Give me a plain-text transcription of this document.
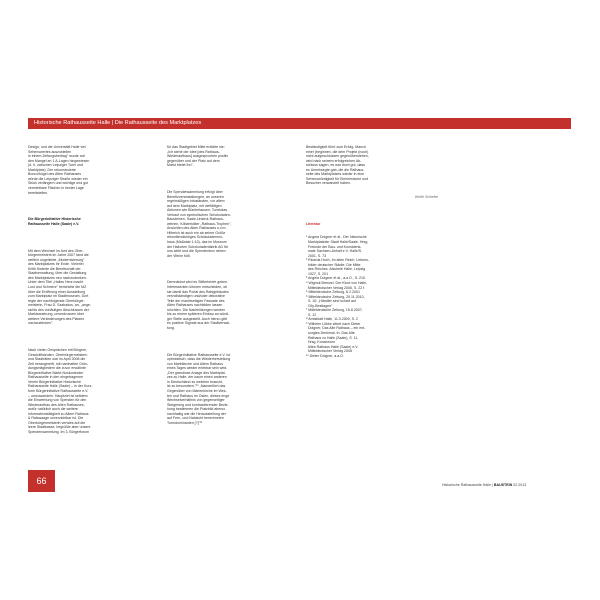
Historische Rathausseite Halle | Die Rathausseite des Marktplatzes

Design, und die Universität Halle viel

Sehenswertes auszustellen

in einem Zeitungsbeitrag" wurde auf

den Mangel an 1 A-Lagen hingewiesen

(d. h. zwischen Leipziger Turm und

Marktplatz). Der rekonstruierte

Boncolhügel des Alten Rathauses

würde die Leipziger Straße wieder ein

Stück verlängern und wichtige und gut

vermietbare Flächen in bester Lage

bereitstellen.

Die Bürgerinitiative Historische

Rathausseite Halle (Saale) e.V.

Mit dem Wechsel im Amt des Ober-

bürgermeisters im Jahre 2007 fand die

weithin ungeliebte „Modernisierung"

des Marktplatzes ihr Ende. Vielerlei

Kritik förderte die Bereitschaft der

Stadtverwaltung, über die Gestaltung

des Marktplatzes neu nachzudenken.

Unter dem Titel „Halles Herz macht

Lust und Schmerz" berichtete die MZ

über die Eröffnung einer Ausstellung

zum Marktplatz im Stadtmuseum. Dort

regte der nachfolgende Oberbürger-

meisterin, Frau D. Szabados, an, „ange-

sichts des vorläufigen Abschlusses der

Marktsanierung, unverdrossen über

weitere Veränderungen des Platzes

nachzudenken".

Nach vielen Gesprächen mit Bürgern,

Geschäftsleuten, Oberbürgermeistern

und Stadträten war im April 2008 die

Zeit herangereift, mit namhaften Grün-

dungsmitgliedern die zuvor erwähnte

Bürgerinitiative Markt-Nordostecke/

Rathausseite in den eingetragenen

Verein Bürgerinitiative Historische

Rathausseite Halle (Saale) – in der Kurz-

form Bürgerinitiative Rathausseite e.V.

– umzuwandeln. Hauptziel ist seitdem

die Einwerbung von Spenden für den

Wiederaufbau des Alten Rathauses,

wofür natürlich auch die weitere

Informationstätigkeit zu Altem Rathaus

& Ratswaage unverzichtbar ist. Die

Oberbürgermeisterin verwies auf die

leere Stadtkasse, begrüßte aber unsere

Spendensammlung. Im 3. Bürgerforum

für das Stadtgebiet Mitte erklärte sie:

„Ich stehe der Idee [des Rathaus-

Wiederaufbaus] ausgesprochen positiv

gegenüber und der Platz auf dem

Markt bietet Ihn".

Die Spendensammlung erfolgt über

Benefizveranstaltungen, an unseren

regelmäßigen Infoständen, vor allem

auf dem Marktplatz, mit vielfältigen

Aktionen wie Büchertausen, Tombolas,

Verkauf von symbolischen Schokoladen-

Bausteinen, Saale-Unstrut-Rathaus-

weinen, Kölsterkliker „Rathaus-Trophen",

Ansichten des Alten Rathauses u.v.m.

Hilfreich ist auch ein ab seiner Größe

rekonfiendichtiges Schokoladenmo-

haus (Maßstab 1:10), das im Museum

der Hallorien Schokoladenfabrik AG für

uns wirbt und die Spendenbox neben

der Vitrine füllt.

Demnächst wird es Stifterbriefe geben.

Interessenten können entscheiden, ob

sie damit das Portal des Ratsgebäudes

vervollständigen und/oder dekorative

Teile der machtseitigen Fassade des

Alten Rathauses nachbilden lassen

möchten. Die Nachbildungen werden

bis zu einem späteren Einbau an würdi-

ger Stelle ausgestellt. Auch hierzu gibt

es positive Signale aus der Stadtverwal-

tung.

Die Bürgerinitiative Rathausseite e.V. ist

optimistisch, dass die Wiederherstellung

von Marktkirche und Altem Rathaus

eines Tages wieder erlebbar sein wird.

„Der grandiose Anlage des Marktplat-

zes zu Halle, der kaum einen anderen

in Deutschland zu weichen braucht,

ist zu bewundern."¹⁰ „Namentlich das

Gegenüber von Marienkirche im Wes-

ten und Rathaus im Osten, dieses enge

Wechselverhältnis von gegenseitiger

Steigerung und kontrastierender Bezie-

hung bestimmen die Platzbild aberso

nachhaltig wie die Herausstellung der

auf Fern- und Nahsicht berechneten

Turmdominanten [?]"¹¹

Beständigkeit führt zum Erfolg. Manch

einer (beginnen, die dem Projekt (noch)

nicht aufgeschlossen gegenüberstehen,

wird nach seinem erfolgreichen Ab-

schluss sagen, es war doch gut, dass

es Unentwegte gab, die die Rathaus-

seite des Marktplatzes wieder in eine

Sehenswürdigkeit für Einheimische und

Besucher verwandelt haben.

Wolfe Schiefer

Literatur

¹ Angela Dolgner et al., Der historische

Marktplatzder Stadt Halle/Saale. Hrsg.

Freunde der Bau- und Kunstdenk-

male Sachsen-Anhalt e.V. Halle/S.

2001, S. 73

² Ricarda Huch, Im alten Reich. Lebens-

bilder deutscher Städte. Die Mitte

des Reiches. Atschelé Halle, Leipzig

1927, S. 201

³ Angela Dolgner et al., a.a.O., S. 210

⁴ Wigmut Brenzel, Der Kloot von Halle,

Mitteldeutscher Verlag 2006, S. 22 f.

⁵ Mitteldeutsche Zeitung, 6.2.2001

⁶ Mitteldeutsche Zeitung, 20.11.2010,

S. 10: „Händler sind scharf auf

City-Bestlagen"

⁷ Mitteldeutsche Zeitung, 15.8.2007,

S. 12

⁸ Amtsblatt Halle, 11.3.2009, S. 2

⁹ Wilhelm Lübke zitiert nach Dieter

Dolgner, Das Alte Rathaus – ein ent-

sorgtes Denkmal. In: Das Alte

Rathaus zu Halle (Saale), S. 11,

Hrsg. Kuratorium

Altes Rathaus Halle (Saale) e.V.

Mitteldeutscher Verlag 2008

¹⁰ Dieter Dolgner, a.a.O.

66	Historische Rathausseite Halle | BAUSTEIN 02.2013
